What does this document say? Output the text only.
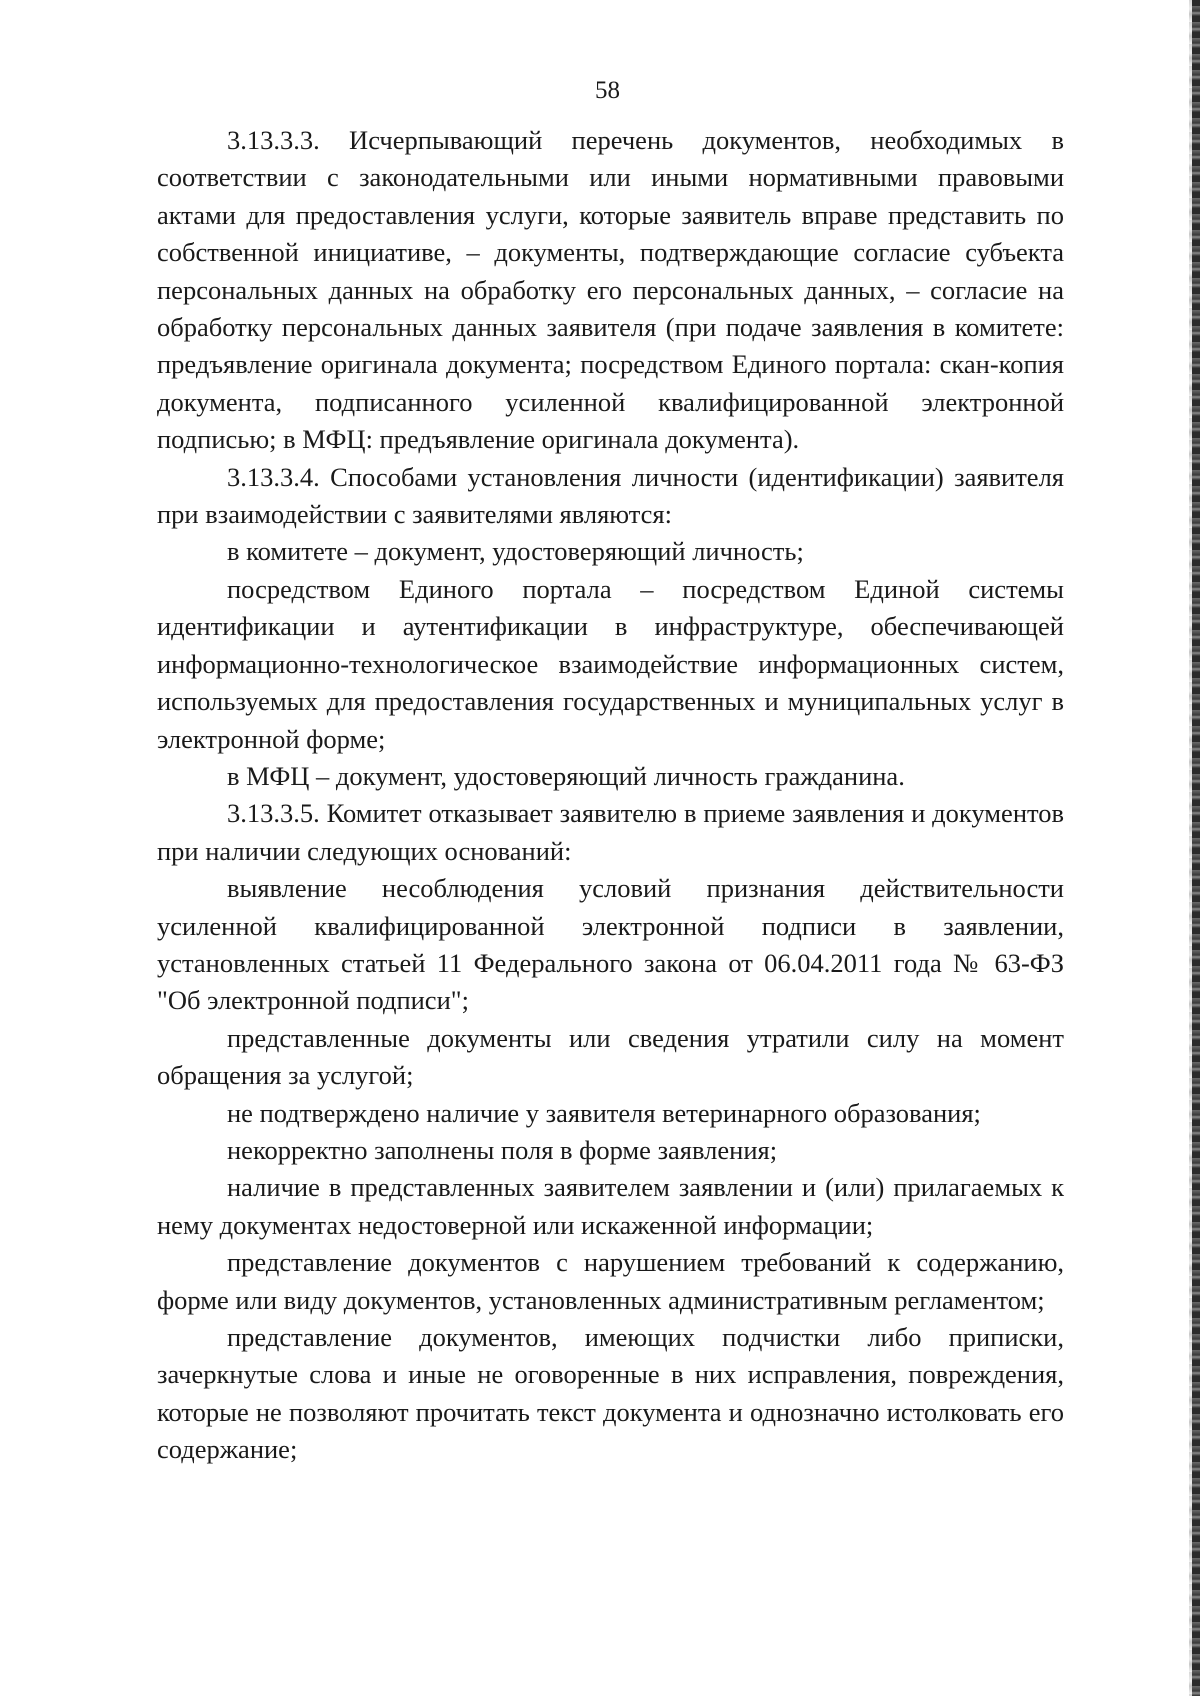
58

3.13.3.3. Исчерпывающий перечень документов, необходимых в соответствии с законодательными или иными нормативными правовыми актами для предоставления услуги, которые заявитель вправе представить по собственной инициативе, – документы, подтверждающие согласие субъекта персональных данных на обработку его персональных данных, – согласие на обработку персональных данных заявителя (при подаче заявления в комитете: предъявление оригинала документа; посредством Единого портала: скан-копия документа, подписанного усиленной квалифицированной электронной подписью; в МФЦ: предъявление оригинала документа).

3.13.3.4. Способами установления личности (идентификации) заявителя при взаимодействии с заявителями являются:

в комитете – документ, удостоверяющий личность;

посредством Единого портала – посредством Единой системы идентификации и аутентификации в инфраструктуре, обеспечивающей информационно-технологическое взаимодействие информационных систем, используемых для предоставления государственных и муниципальных услуг в электронной форме;

в МФЦ – документ, удостоверяющий личность гражданина.

3.13.3.5. Комитет отказывает заявителю в приеме заявления и документов при наличии следующих оснований:

выявление несоблюдения условий признания действительности усиленной квалифицированной электронной подписи в заявлении, установленных статьей 11 Федерального закона от 06.04.2011 года № 63-ФЗ "Об электронной подписи";

представленные документы или сведения утратили силу на момент обращения за услугой;

не подтверждено наличие у заявителя ветеринарного образования;

некорректно заполнены поля в форме заявления;

наличие в представленных заявителем заявлении и (или) прилагаемых к нему документах недостоверной или искаженной информации;

представление документов с нарушением требований к содержанию, форме или виду документов, установленных административным регламентом;

представление документов, имеющих подчистки либо приписки, зачеркнутые слова и иные не оговоренные в них исправления, повреждения, которые не позволяют прочитать текст документа и однозначно истолковать его содержание;
